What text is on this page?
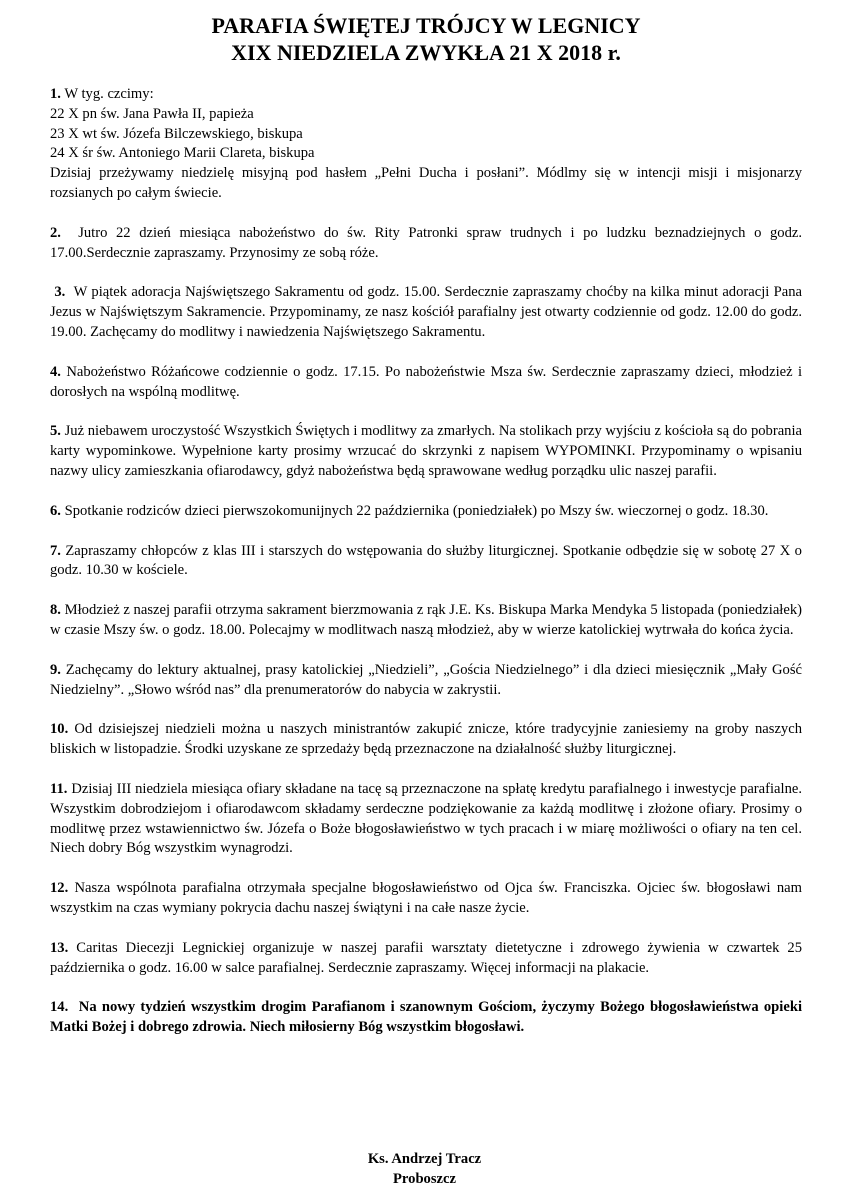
PARAFIA ŚWIĘTEJ TRÓJCY W LEGNICY
XIX NIEDZIELA ZWYKŁA 21 X 2018 r.
1. W tyg. czcimy:
22 X pn św. Jana Pawła II, papieża
23 X wt św. Józefa Bilczewskiego, biskupa
24 X śr św. Antoniego Marii Clareta, biskupa
Dzisiaj przeżywamy niedzielę misyjną pod hasłem „Pełni Ducha i posłani”. Módlmy się w intencji misji i misjonarzy rozsianych po całym świecie.
2. Jutro 22 dzień miesiąca nabożeństwo do św. Rity Patronki spraw trudnych i po ludzku beznadziejnych o godz. 17.00.Serdecznie zapraszamy. Przynosimy ze sobą róże.
3. W piątek adoracja Najświętszego Sakramentu od godz. 15.00. Serdecznie zapraszamy choćby na kilka minut adoracji Pana Jezus w Najświętszym Sakramencie. Przypominamy, ze nasz kościół parafialny jest otwarty codziennie od godz. 12.00 do godz. 19.00. Zachęcamy do modlitwy i nawiedzenia Najświętszego Sakramentu.
4. Nabożeństwo Różańcowe codziennie o godz. 17.15. Po nabożeństwie Msza św. Serdecznie zapraszamy dzieci, młodzież i dorosłych na wspólną modlitwę.
5. Już niebawem uroczystość Wszystkich Świętych i modlitwy za zmarłych. Na stolikach przy wyjściu z kościoła są do pobrania karty wypominkowe. Wypełnione karty prosimy wrzucać do skrzynki z napisem WYPOMINKI. Przypominamy o wpisaniu nazwy ulicy zamieszkania ofiarodawcy, gdyż nabożeństwa będą sprawowane według porządku ulic naszej parafii.
6. Spotkanie rodziców dzieci pierwszokomunijnych 22 października (poniedziałek) po Mszy św. wieczornej o godz. 18.30.
7. Zapraszamy chłopców z klas III i starszych do wstępowania do służby liturgicznej. Spotkanie odbędzie się w sobotę 27 X o godz. 10.30 w kościele.
8. Młodzież z naszej parafii otrzyma sakrament bierzmowania z rąk J.E. Ks. Biskupa Marka Mendyka 5 listopada (poniedziałek) w czasie Mszy św. o godz. 18.00. Polecajmy w modlitwach naszą młodzież, aby w wierze katolickiej wytrwała do końca życia.
9. Zachęcamy do lektury aktualnej, prasy katolickiej „Niedzieli”, „Gościa Niedzielnego” i dla dzieci miesięcznik „Mały Gość Niedzielny”. „Słowo wśród nas” dla prenumeratorów do nabycia w zakrystii.
10. Od dzisiejszej niedzieli można u naszych ministrantów zakupić znicze, które tradycyjnie zaniesiemy na groby naszych bliskich w listopadzie. Środki uzyskane ze sprzedaży będą przeznaczone na działalność służby liturgicznej.
11. Dzisiaj III niedziela miesiąca ofiary składane na tacę są przeznaczone na spłatę kredytu parafialnego i inwestycje parafialne. Wszystkim dobrodziejom i ofiarodawcom składamy serdeczne podziękowanie za każdą modlitwę i złożone ofiary. Prosimy o modlitwę przez wstawiennictwo św. Józefa o Boże błogosławieństwo w tych pracach i w miarę możliwości o ofiary na ten cel. Niech dobry Bóg wszystkim wynagrodzi.
12. Nasza wspólnota parafialna otrzymała specjalne błogosławieństwo od Ojca św. Franciszka. Ojciec św. błogosławi nam wszystkim na czas wymiany pokrycia dachu naszej świątyni i na całe nasze życie.
13. Caritas Diecezji Legnickiej organizuje w naszej parafii warsztaty dietetyczne i zdrowego żywienia w czwartek 25 października o godz. 16.00 w salce parafialnej. Serdecznie zapraszamy. Więcej informacji na plakacie.
14. Na nowy tydzień wszystkim drogim Parafianom i szanownym Gościom, życzymy Bożego błogosławieństwa opieki Matki Bożej i dobrego zdrowia. Niech miłosierny Bóg wszystkim błogosławi.
Ks. Andrzej Tracz
Proboszcz
